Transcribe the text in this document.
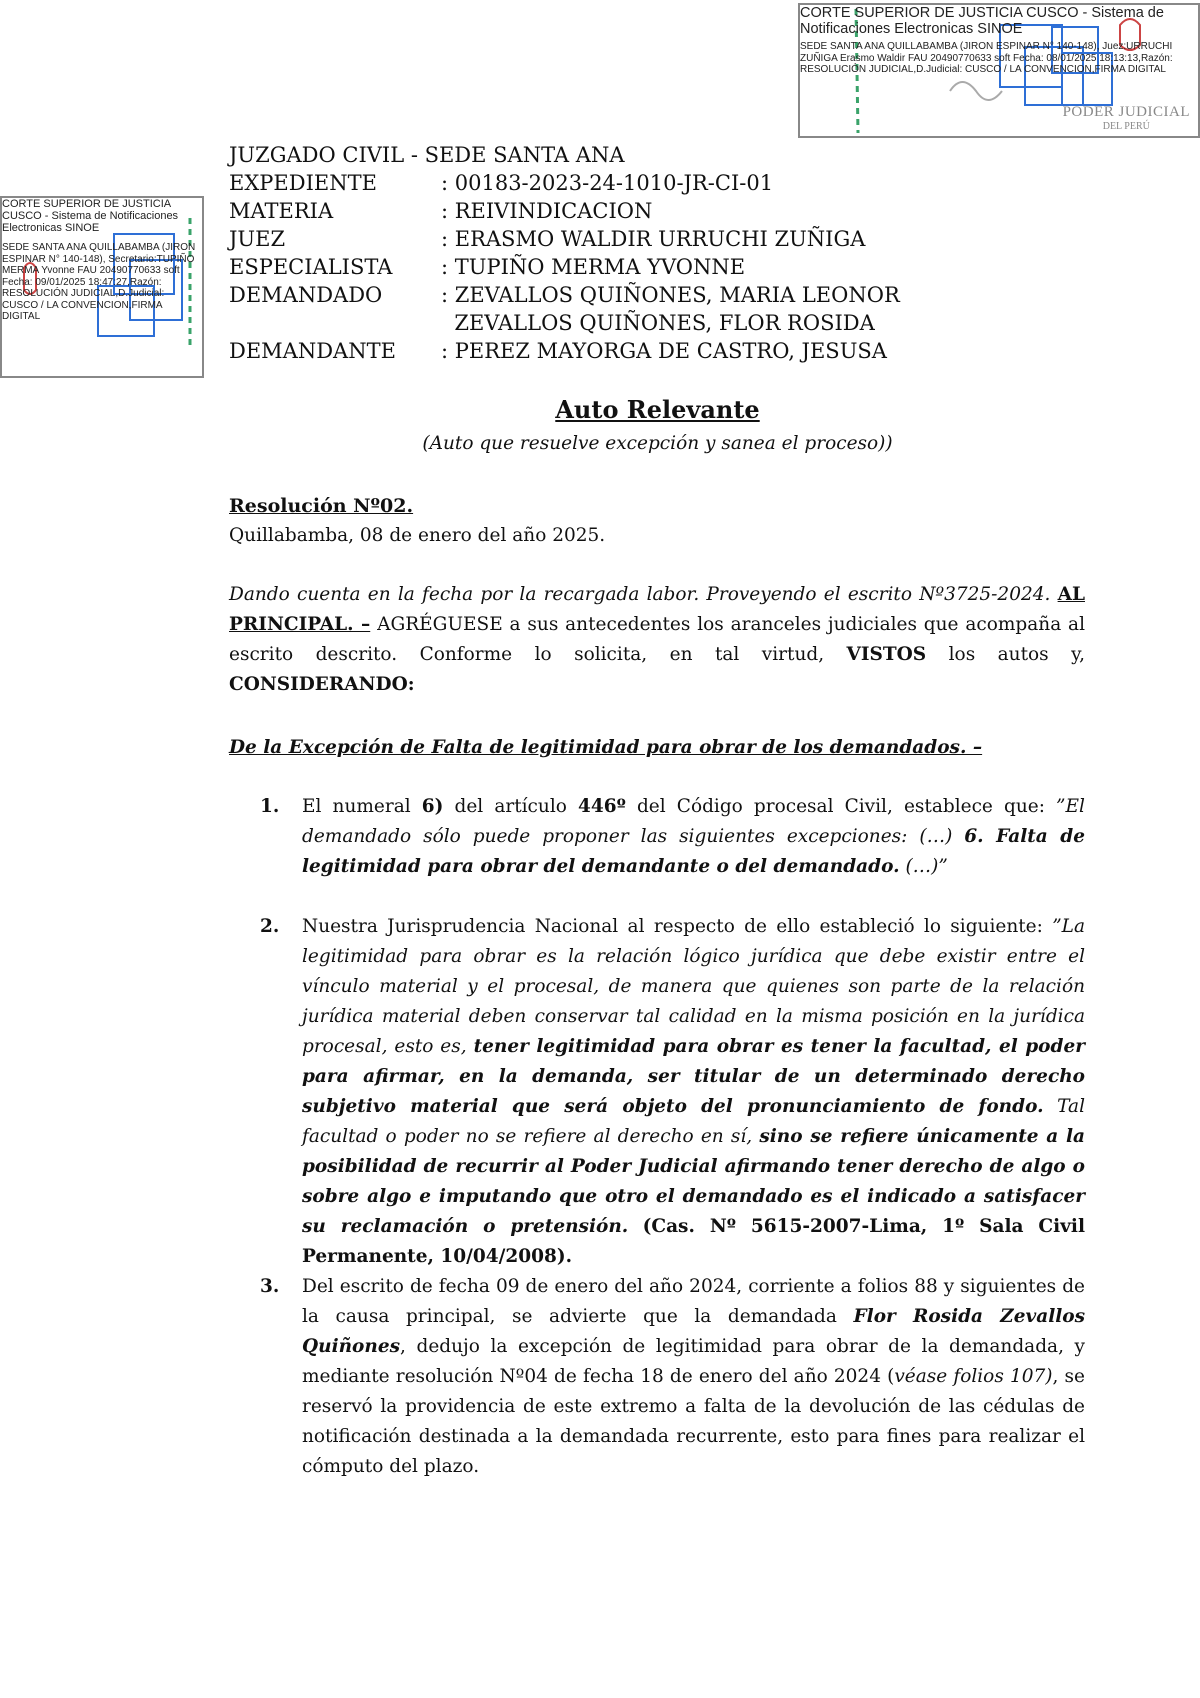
CORTE SUPERIOR DE JUSTICIA CUSCO - Sistema de Notificaciones Electronicas SINOE
SEDE SANTA ANA QUILLABAMBA (JIRON ESPINAR N° 140-148), Juez:URRUCHI ZUÑIGA Erasmo Waldir FAU 20490770633 soft Fecha: 08/01/2025 18:13:13,Razón: RESOLUCIÓN JUDICIAL,D.Judicial: CUSCO / LA CONVENCION,FIRMA DIGITAL
PODER JUDICIAL
DEL PERÚ
CORTE SUPERIOR DE JUSTICIA CUSCO - Sistema de Notificaciones Electronicas SINOE
SEDE SANTA ANA QUILLABAMBA (JIRON ESPINAR N° 140-148), Secretario:TUPIÑO MERMA Yvonne FAU 20490770633 soft Fecha: 09/01/2025 18:47:27,Razón: RESOLUCIÓN JUDICIAL,D.Judicial: CUSCO / LA CONVENCION,FIRMA DIGITAL
JUZGADO CIVIL - SEDE SANTA ANA
EXPEDIENTE	: 00183-2023-24-1010-JR-CI-01
MATERIA	: REIVINDICACION
JUEZ	: ERASMO WALDIR URRUCHI ZUÑIGA
ESPECIALISTA	: TUPIÑO MERMA YVONNE
DEMANDADO	: ZEVALLOS QUIÑONES, MARIA LEONOR
ZEVALLOS QUIÑONES, FLOR ROSIDA
DEMANDANTE	: PEREZ MAYORGA DE CASTRO, JESUSA
Auto Relevante
(Auto que resuelve excepción y sanea el proceso))
Resolución Nº02.
Quillabamba, 08 de enero del año 2025.
Dando cuenta en la fecha por la recargada labor. Proveyendo el escrito Nº3725-2024. AL PRINCIPAL. – AGRÉGUESE a sus antecedentes los aranceles judiciales que acompaña al escrito descrito. Conforme lo solicita, en tal virtud, VISTOS los autos y, CONSIDERANDO:
De la Excepción de Falta de legitimidad para obrar de los demandados. –
1. El numeral 6) del artículo 446º del Código procesal Civil, establece que: ”El demandado sólo puede proponer las siguientes excepciones: (…) 6. Falta de legitimidad para obrar del demandante o del demandado. (…)”
2. Nuestra Jurisprudencia Nacional al respecto de ello estableció lo siguiente: ”La legitimidad para obrar es la relación lógico jurídica que debe existir entre el vínculo material y el procesal, de manera que quienes son parte de la relación jurídica material deben conservar tal calidad en la misma posición en la jurídica procesal, esto es, tener legitimidad para obrar es tener la facultad, el poder para afirmar, en la demanda, ser titular de un determinado derecho subjetivo material que será objeto del pronunciamiento de fondo. Tal facultad o poder no se refiere al derecho en sí, sino se refiere únicamente a la posibilidad de recurrir al Poder Judicial afirmando tener derecho de algo o sobre algo e imputando que otro el demandado es el indicado a satisfacer su reclamación o pretensión. (Cas. Nº 5615-2007-Lima, 1º Sala Civil Permanente, 10/04/2008).
3. Del escrito de fecha 09 de enero del año 2024, corriente a folios 88 y siguientes de la causa principal, se advierte que la demandada Flor Rosida Zevallos Quiñones, dedujo la excepción de legitimidad para obrar de la demandada, y mediante resolución Nº04 de fecha 18 de enero del año 2024 (véase folios 107), se reservó la providencia de este extremo a falta de la devolución de las cédulas de notificación destinada a la demandada recurrente, esto para fines para realizar el cómputo del plazo.
